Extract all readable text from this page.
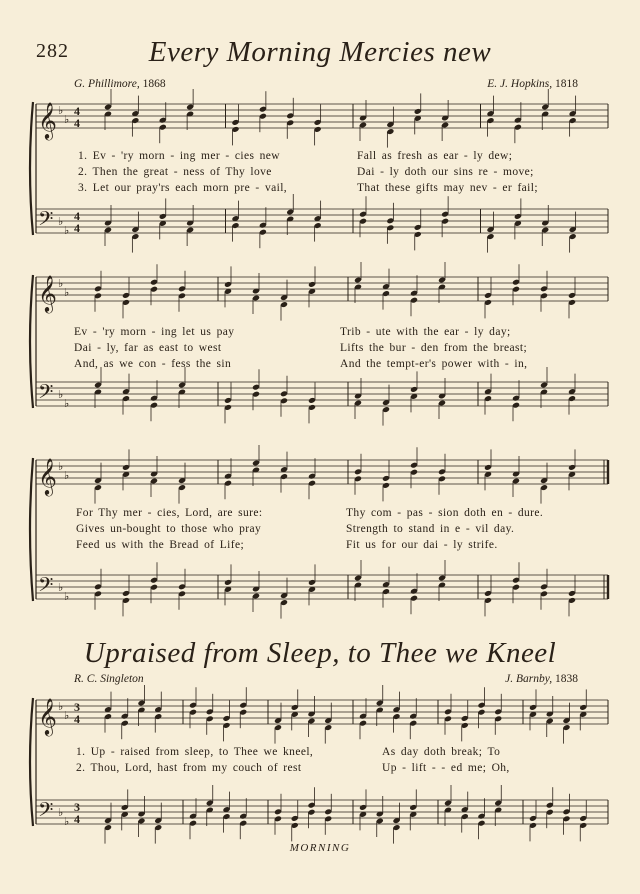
282	Every Morning Mercies new
G. Phillimore, 1868	E. J. Hopkins, 1818
𝄞 ♭
♭
4
4
𝄢 ♭
♭
4
4
1. Ev - 'ry morn - ing mer - cies new	Fall as fresh as ear - ly dew;
2. Then the great - ness of Thy love	Dai - ly doth our sins re - move;
3. Let our pray'rs each morn pre - vail,	That these gifts may nev - er fail;
𝄞 ♭
♭
𝄢 ♭
♭
Ev - 'ry morn - ing let us pay	Trib - ute with the ear - ly day;
Dai - ly, far as east to west	Lifts the bur - den from the breast;
And, as we con - fess the sin	And the tempt-er's power with - in,
𝄞 ♭
♭
𝄢 ♭
♭
For Thy mer - cies, Lord, are sure:	Thy com - pas - sion doth en - dure.
Gives un-bought to those who pray	Strength to stand in e - vil day.
Feed us with the Bread of Life;	Fit us for our dai - ly strife.
Upraised from Sleep, to Thee we Kneel
R. C. Singleton	J. Barnby, 1838
𝄞 ♭
♭
3
4
𝄢 ♭
♭
3
4
1. Up - raised from sleep, to Thee we kneel,	As day doth break; To
2. Thou, Lord, hast from my couch of rest	Up - lift - - ed me; Oh,
MORNING
